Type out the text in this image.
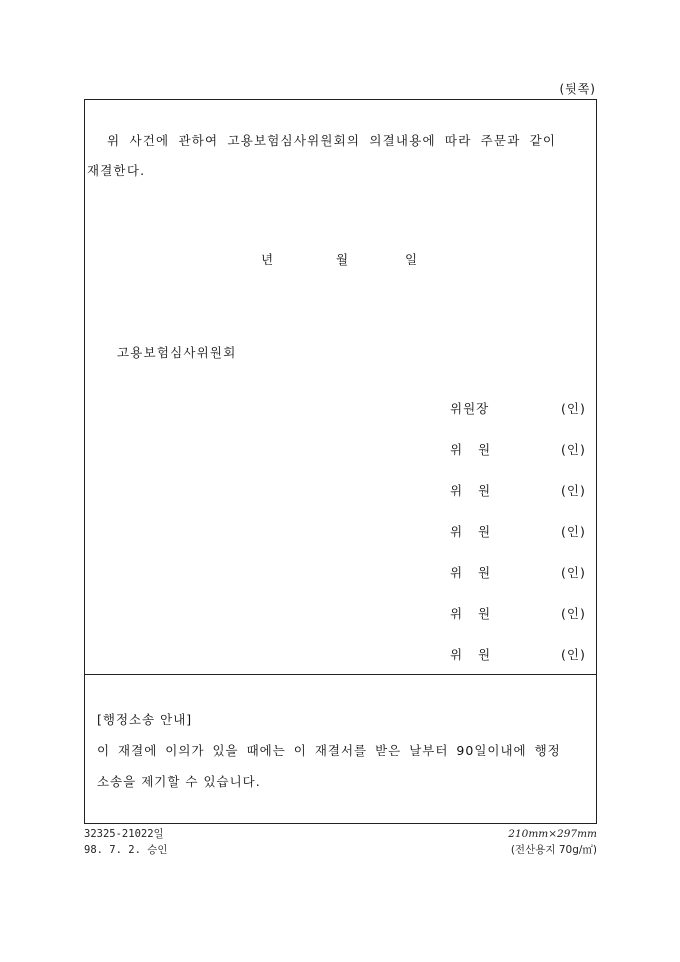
(뒷쪽)
위 사건에 관하여 고용보험심사위원회의 의결내용에 따라 주문과 같이
재결한다.
년	월	일
고용보험심사위원회
위원장	(인)
위   원	(인)
위   원	(인)
위   원	(인)
위   원	(인)
위   원	(인)
위   원	(인)
[행정소송 안내]
이 재결에 이의가 있을 때에는 이 재결서를 받은 날부터 90일이내에 행정
소송을 제기할 수 있습니다.
32325-21022일
98. 7. 2. 승인
210mm×297mm
(전산용지 70g/㎡)
